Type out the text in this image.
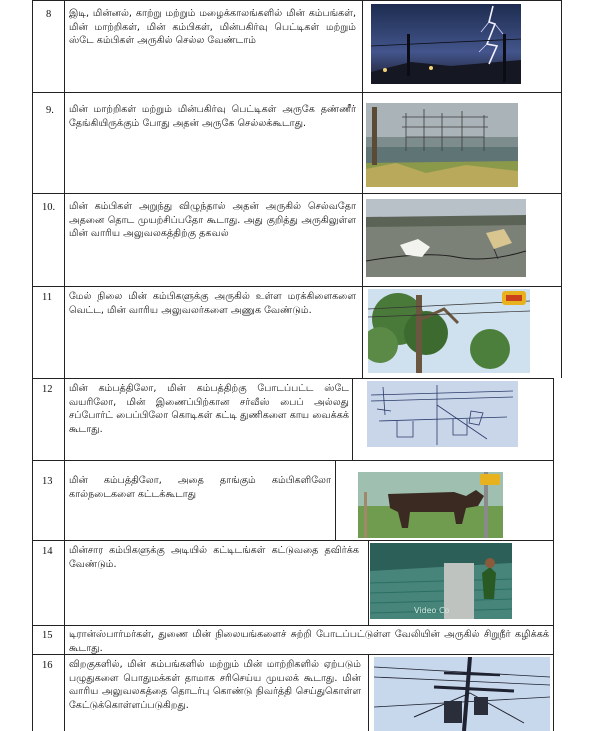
8 இடி, மின்னல், காற்று மற்றும் மழைக்காலங்களில் மின் கம்பங்கள், மின் மாற்றிகள், மின் கம்பிகள், மின்பகிர்வு பெட்டிகள் மற்றும் ஸ்டே கம்பிகள் அருகில் செல்ல வேண்டாம்
9. மின் மாற்றிகள் மற்றும் மின்பகிர்வு பெட்டிகள் அருகே தண்ணீர் தேங்கியிருக்கும் போது அதன் அருகே செல்லக்கூடாது.
10. மின் கம்பிகள் அறுந்து விழுந்தால் அதன் அருகில் செல்வதோ அதனை தொட முயற்சிப்பதோ கூடாது. அது குறித்து அருகிலுள்ள மின் வாரிய அலுவலகத்திற்கு தகவல்
11 மேல் நிலை மின் கம்பிகளுக்கு அருகில் உள்ள மரக்கிளைகளை வெட்ட, மின் வாரிய அலுவலர்களை அணுக வேண்டும்.
12 மின் கம்பத்திலோ, மின் கம்பத்திற்கு போடப்பட்ட ஸ்டே வயரிலோ, மின் இணைப்பிற்கான சர்வீஸ் பைப் அல்லது சப்போர்ட் பைப்பிலோ கொடிகள் கட்டி துணிகளை காய வைக்கக் கூடாது.
13 மின் கம்பத்திலோ, அதை தாங்கும் கம்பிகளிலோ கால்நடைகளை கட்டக்கூடாது
14 மின்சார கம்பிகளுக்கு அடியில் கட்டிடங்கள் கட்டுவதை தவிர்க்க வேண்டும்.
Video Co
15 டிரான்ஸ்பார்மர்கள், துணை மின் நிலையங்களைச் சுற்றி போடப்பட்டுள்ள வேலியின் அருகில் சிறுநீர் கழிக்கக் கூடாது.
16 விறகுகளில், மின் கம்பங்களில் மற்றும் மின் மாற்றிகளில் ஏற்படும் பழுதுகளை பொதுமக்கள் தாமாக சரிசெய்ய முயலக் கூடாது. மின் வாரிய அலுவலகத்தை தொடர்பு கொண்டு நிவர்த்தி செய்துகொள்ள கேட்டுக்கொள்ளப்படுகிறது.
